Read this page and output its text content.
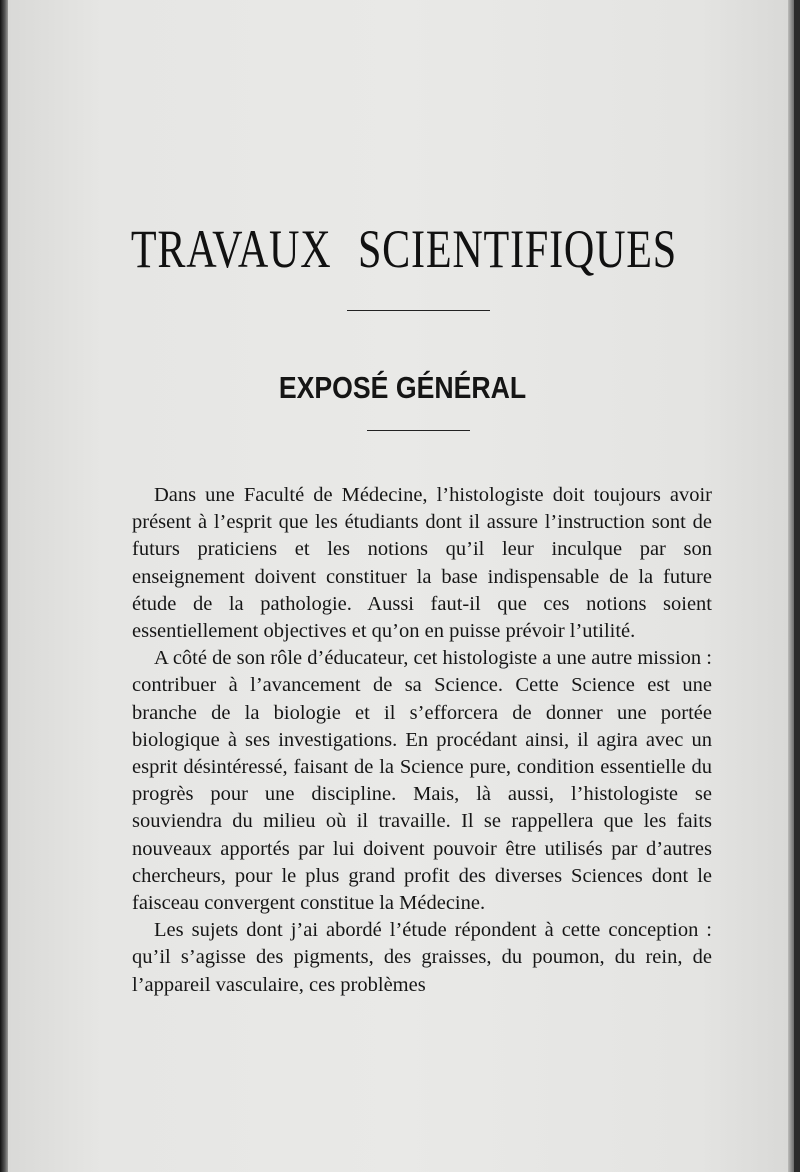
TRAVAUX SCIENTIFIQUES
EXPOSÉ GÉNÉRAL

Dans une Faculté de Médecine, l’histologiste doit toujours avoir présent à l’esprit que les étudiants dont il assure l’instruction sont de futurs praticiens et les notions qu’il leur inculque par son enseignement doivent constituer la base indispensable de la future étude de la pathologie. Aussi faut-il que ces notions soient essentiellement objectives et qu’on en puisse prévoir l’utilité.

A côté de son rôle d’éducateur, cet histologiste a une autre mission : contribuer à l’avancement de sa Science. Cette Science est une branche de la biologie et il s’efforcera de donner une portée biologique à ses investigations. En procédant ainsi, il agira avec un esprit désintéressé, faisant de la Science pure, condition essentielle du progrès pour une discipline. Mais, là aussi, l’histologiste se souviendra du milieu où il travaille. Il se rappellera que les faits nouveaux apportés par lui doivent pouvoir être utilisés par d’autres chercheurs, pour le plus grand profit des diverses Sciences dont le faisceau convergent constitue la Médecine.

Les sujets dont j’ai abordé l’étude répondent à cette conception : qu’il s’agisse des pigments, des graisses, du poumon, du rein, de l’appareil vasculaire, ces problèmes
